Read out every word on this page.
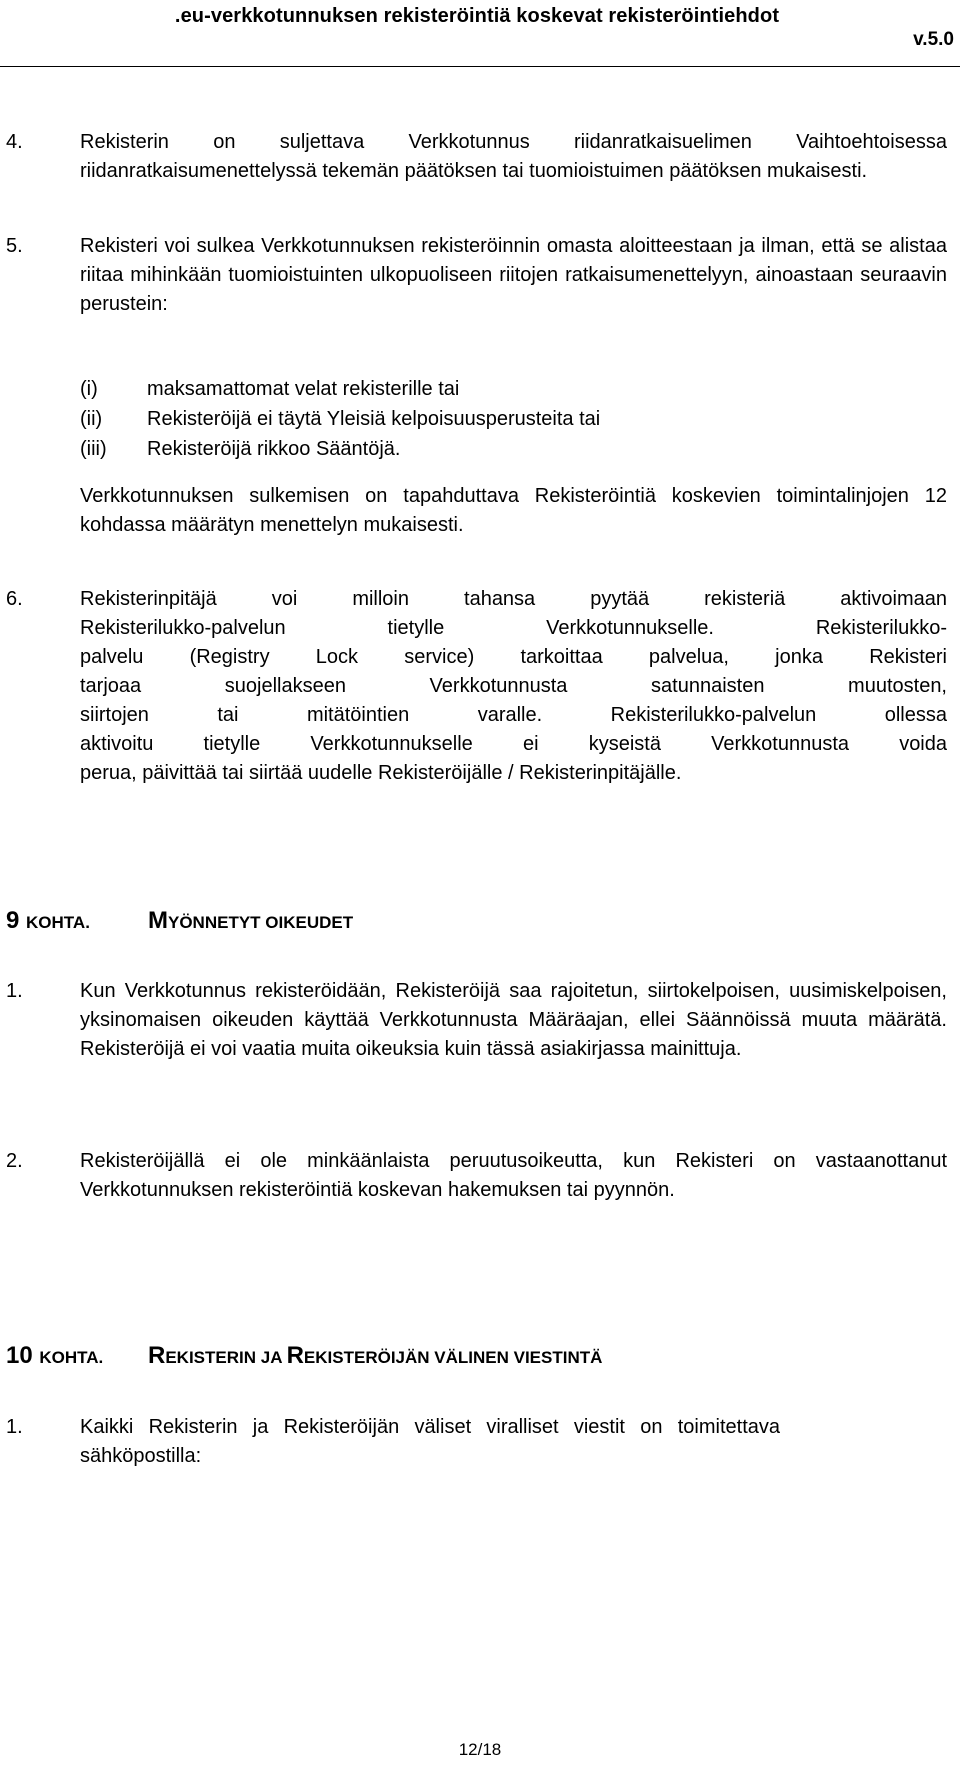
.eu-verkkotunnuksen rekisteröintiä koskevat rekisteröintiehdot
v.5.0
4.	Rekisterin on suljettava Verkkotunnus riidanratkaisuelimen Vaihtoehtoisessa riidanratkaisumenettelyssä tekemän päätöksen tai tuomioistuimen päätöksen mukaisesti.
5.	Rekisteri voi sulkea Verkkotunnuksen rekisteröinnin omasta aloitteestaan ja ilman, että se alistaa riitaa mihinkään tuomioistuinten ulkopuoliseen riitojen ratkaisumenettelyyn, ainoastaan seuraavin perustein:
(i) maksamattomat velat rekisterille tai
(ii) Rekisteröijä ei täytä Yleisiä kelpoisuusperusteita tai
(iii) Rekisteröijä rikkoo Sääntöjä.
Verkkotunnuksen sulkemisen on tapahduttava Rekisteröintiä koskevien toimintalinjojen 12 kohdassa määrätyn menettelyn mukaisesti.
6.	Rekisterinpitäjä voi milloin tahansa pyytää rekisteriä aktivoimaan
Rekisterilukko-palvelun tietylle Verkkotunnukselle. Rekisterilukko-
palvelu (Registry Lock service) tarkoittaa palvelua, jonka Rekisteri
tarjoaa suojellakseen Verkkotunnusta satunnaisten muutosten,
siirtojen tai mitätöintien varalle. Rekisterilukko-palvelun ollessa
aktivoitu tietylle Verkkotunnukselle ei kyseistä Verkkotunnusta voida
perua, päivittää tai siirtää uudelle Rekisteröijälle / Rekisterinpitäjälle.
9 KOHTA. MYÖNNETYT OIKEUDET
1.	Kun Verkkotunnus rekisteröidään, Rekisteröijä saa rajoitetun, siirtokelpoisen, uusimiskelpoisen, yksinomaisen oikeuden käyttää Verkkotunnusta Määräajan, ellei Säännöissä muuta määrätä. Rekisteröijä ei voi vaatia muita oikeuksia kuin tässä asiakirjassa mainittuja.
2.	Rekisteröijällä ei ole minkäänlaista peruutusoikeutta, kun Rekisteri on vastaanottanut Verkkotunnuksen rekisteröintiä koskevan hakemuksen tai pyynnön.
10 KOHTA. REKISTERIN JA REKISTERÖIJÄN VÄLINEN VIESTINTÄ
1.	Kaikki Rekisterin ja Rekisteröijän väliset viralliset viestit on toimitettava sähköpostilla:
12/18
